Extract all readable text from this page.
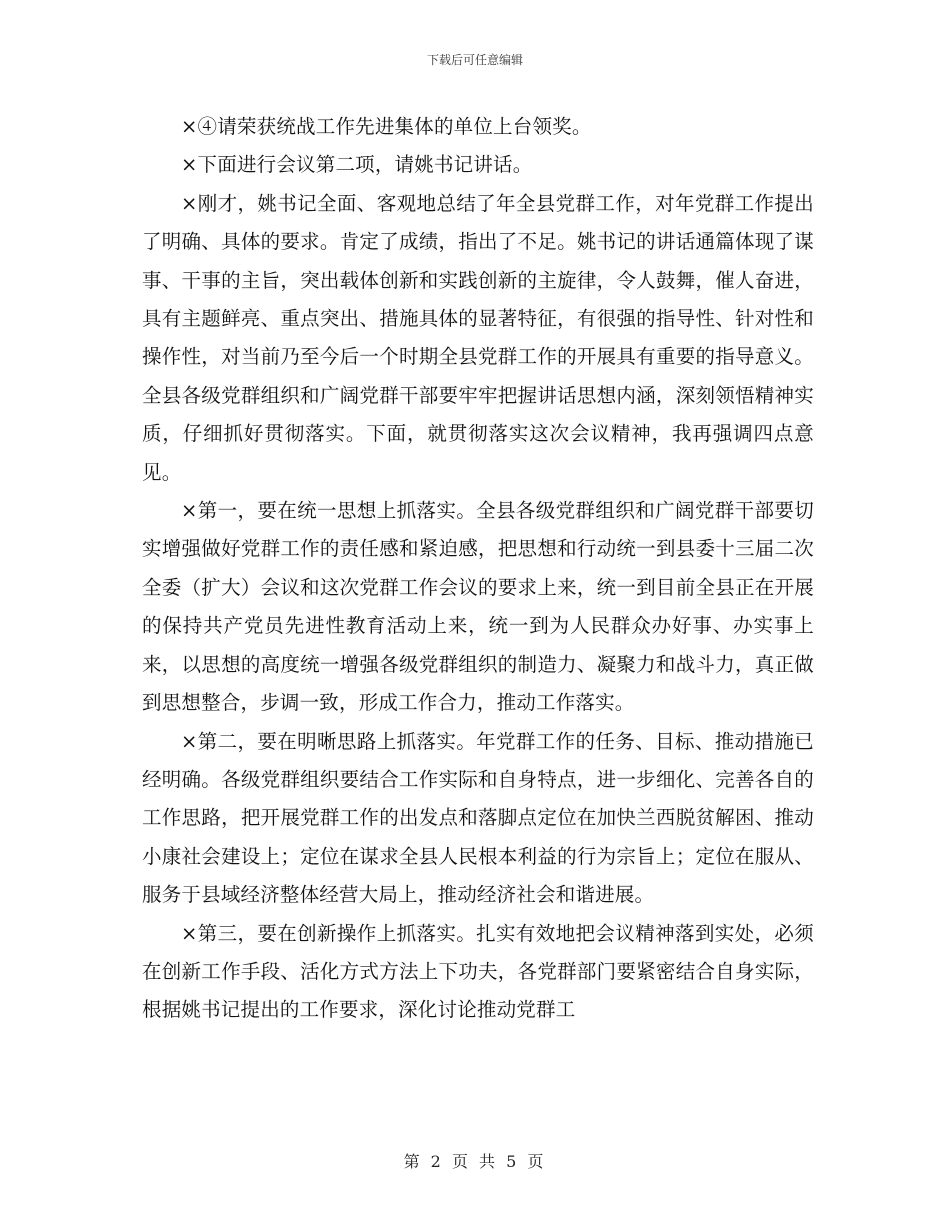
下载后可任意编辑

×④请荣获统战工作先进集体的单位上台领奖。

×下面进行会议第二项，请姚书记讲话。

×刚才，姚书记全面、客观地总结了年全县党群工作，对年党群工作提出了明确、具体的要求。肯定了成绩，指出了不足。姚书记的讲话通篇体现了谋事、干事的主旨，突出载体创新和实践创新的主旋律，令人鼓舞，催人奋进，具有主题鲜亮、重点突出、措施具体的显著特征，有很强的指导性、针对性和操作性，对当前乃至今后一个时期全县党群工作的开展具有重要的指导意义。全县各级党群组织和广阔党群干部要牢牢把握讲话思想内涵，深刻领悟精神实质，仔细抓好贯彻落实。下面，就贯彻落实这次会议精神，我再强调四点意见。

×第一，要在统一思想上抓落实。全县各级党群组织和广阔党群干部要切实增强做好党群工作的责任感和紧迫感，把思想和行动统一到县委十三届二次全委（扩大）会议和这次党群工作会议的要求上来，统一到目前全县正在开展的保持共产党员先进性教育活动上来，统一到为人民群众办好事、办实事上来，以思想的高度统一增强各级党群组织的制造力、凝聚力和战斗力，真正做到思想整合，步调一致，形成工作合力，推动工作落实。

×第二，要在明晰思路上抓落实。年党群工作的任务、目标、推动措施已经明确。各级党群组织要结合工作实际和自身特点，进一步细化、完善各自的工作思路，把开展党群工作的出发点和落脚点定位在加快兰西脱贫解困、推动小康社会建设上；定位在谋求全县人民根本利益的行为宗旨上；定位在服从、服务于县域经济整体经营大局上，推动经济社会和谐进展。

×第三，要在创新操作上抓落实。扎实有效地把会议精神落到实处，必须在创新工作手段、活化方式方法上下功夫，各党群部门要紧密结合自身实际，根据姚书记提出的工作要求，深化讨论推动党群工

第 2 页 共 5 页
